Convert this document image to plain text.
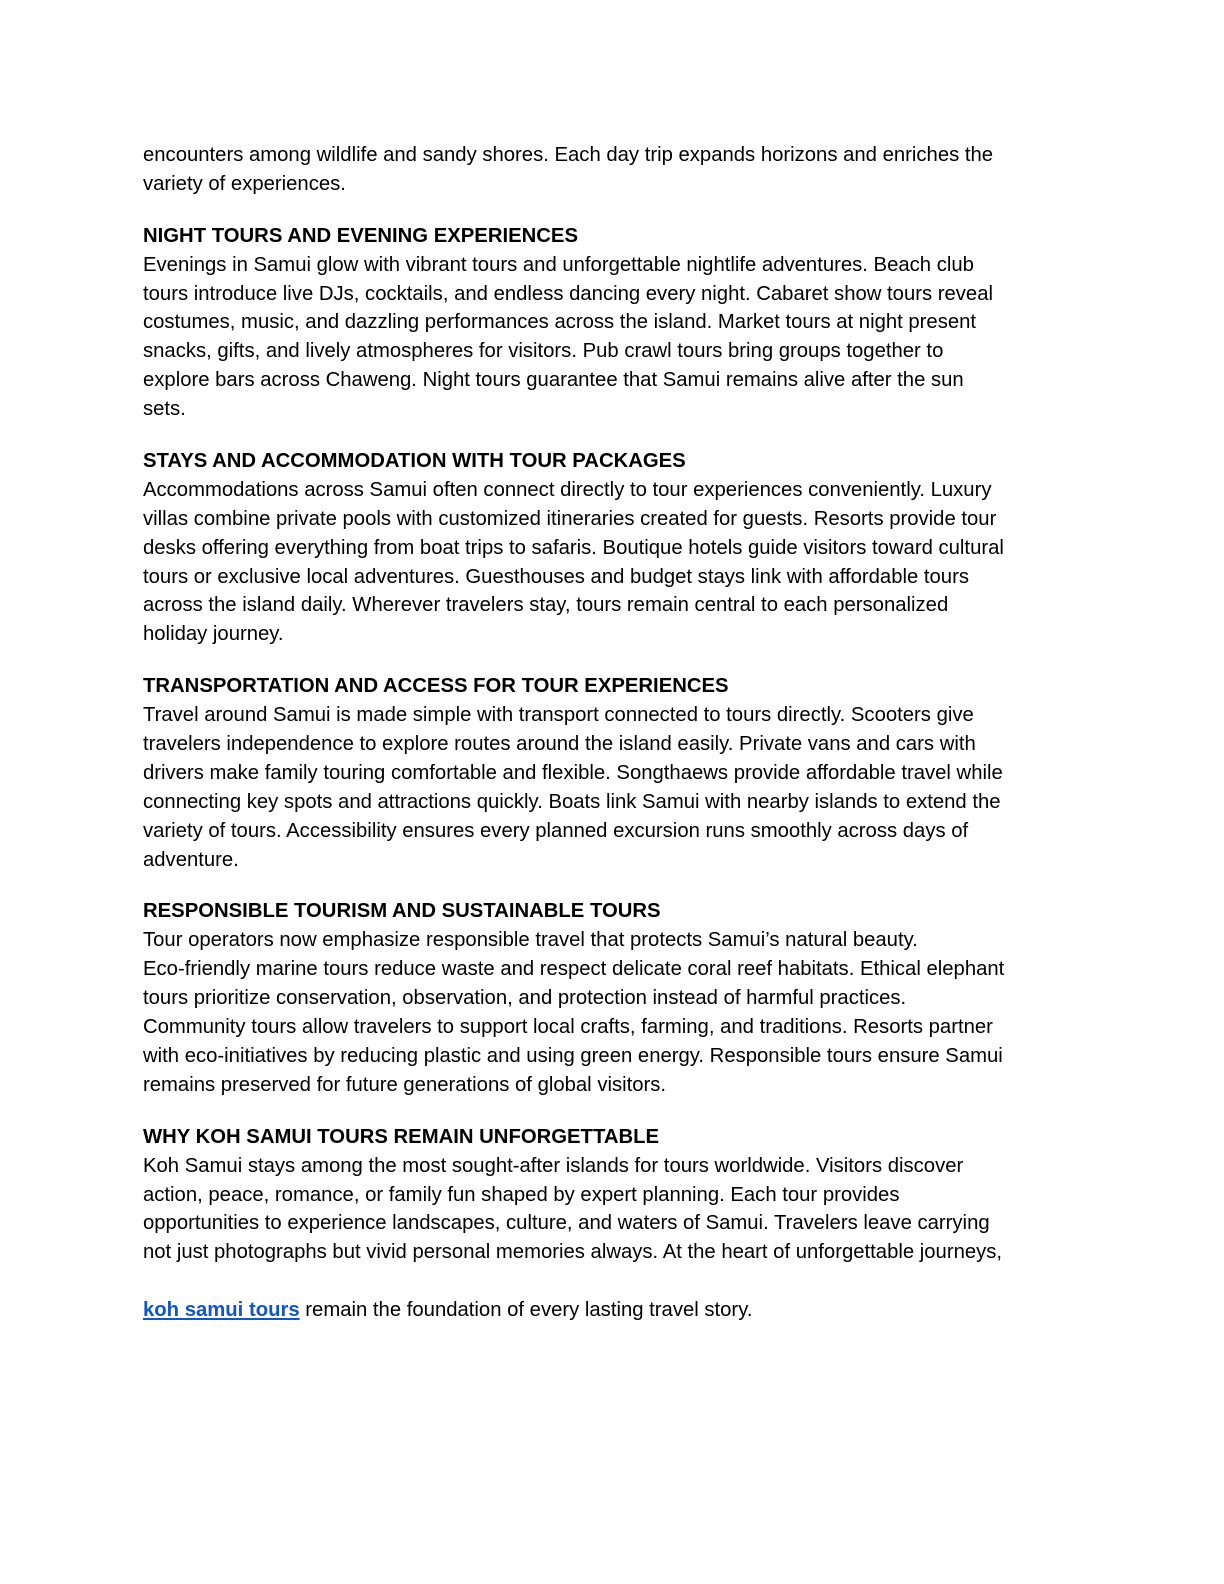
encounters among wildlife and sandy shores. Each day trip expands horizons and enriches the
variety of experiences.

NIGHT TOURS AND EVENING EXPERIENCES
Evenings in Samui glow with vibrant tours and unforgettable nightlife adventures. Beach club
tours introduce live DJs, cocktails, and endless dancing every night. Cabaret show tours reveal
costumes, music, and dazzling performances across the island. Market tours at night present
snacks, gifts, and lively atmospheres for visitors. Pub crawl tours bring groups together to
explore bars across Chaweng. Night tours guarantee that Samui remains alive after the sun
sets.

STAYS AND ACCOMMODATION WITH TOUR PACKAGES
Accommodations across Samui often connect directly to tour experiences conveniently. Luxury
villas combine private pools with customized itineraries created for guests. Resorts provide tour
desks offering everything from boat trips to safaris. Boutique hotels guide visitors toward cultural
tours or exclusive local adventures. Guesthouses and budget stays link with affordable tours
across the island daily. Wherever travelers stay, tours remain central to each personalized
holiday journey.

TRANSPORTATION AND ACCESS FOR TOUR EXPERIENCES
Travel around Samui is made simple with transport connected to tours directly. Scooters give
travelers independence to explore routes around the island easily. Private vans and cars with
drivers make family touring comfortable and flexible. Songthaews provide affordable travel while
connecting key spots and attractions quickly. Boats link Samui with nearby islands to extend the
variety of tours. Accessibility ensures every planned excursion runs smoothly across days of
adventure.

RESPONSIBLE TOURISM AND SUSTAINABLE TOURS
Tour operators now emphasize responsible travel that protects Samui’s natural beauty.
Eco-friendly marine tours reduce waste and respect delicate coral reef habitats. Ethical elephant
tours prioritize conservation, observation, and protection instead of harmful practices.
Community tours allow travelers to support local crafts, farming, and traditions. Resorts partner
with eco-initiatives by reducing plastic and using green energy. Responsible tours ensure Samui
remains preserved for future generations of global visitors.

WHY KOH SAMUI TOURS REMAIN UNFORGETTABLE
Koh Samui stays among the most sought-after islands for tours worldwide. Visitors discover
action, peace, romance, or family fun shaped by expert planning. Each tour provides
opportunities to experience landscapes, culture, and waters of Samui. Travelers leave carrying
not just photographs but vivid personal memories always. At the heart of unforgettable journeys,
koh samui tours remain the foundation of every lasting travel story.
